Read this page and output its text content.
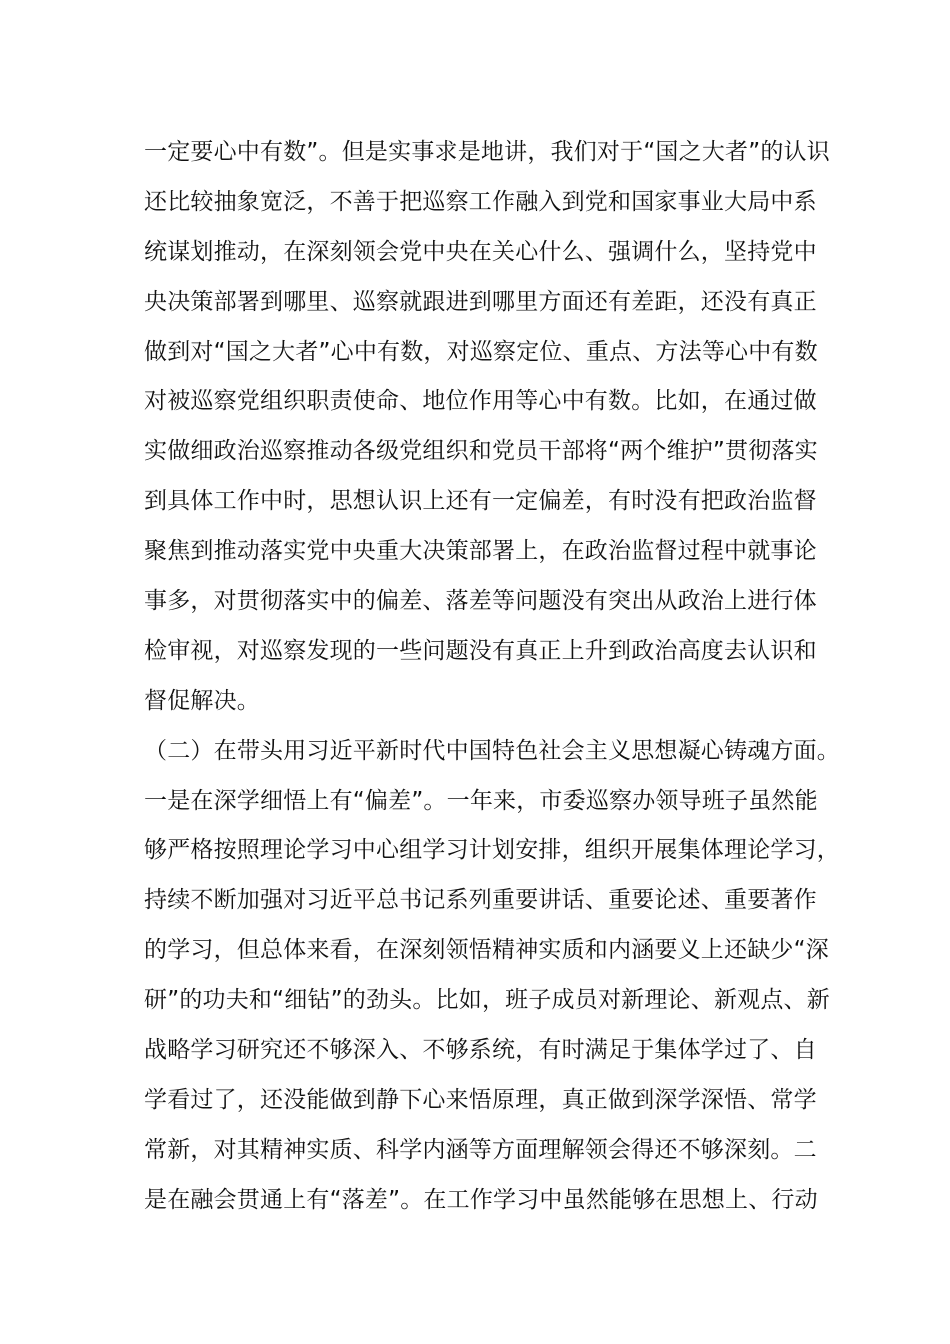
一定要心中有数”。但是实事求是地讲，我们对于“国之大者”的认识
还比较抽象宽泛，不善于把巡察工作融入到党和国家事业大局中系
统谋划推动，在深刻领会党中央在关心什么、强调什么，坚持党中
央决策部署到哪里、巡察就跟进到哪里方面还有差距，还没有真正
做到对“国之大者”心中有数，对巡察定位、重点、方法等心中有数
对被巡察党组织职责使命、地位作用等心中有数。比如，在通过做
实做细政治巡察推动各级党组织和党员干部将“两个维护”贯彻落实
到具体工作中时，思想认识上还有一定偏差，有时没有把政治监督
聚焦到推动落实党中央重大决策部署上，在政治监督过程中就事论
事多，对贯彻落实中的偏差、落差等问题没有突出从政治上进行体
检审视，对巡察发现的一些问题没有真正上升到政治高度去认识和
督促解决。
（二）在带头用习近平新时代中国特色社会主义思想凝心铸魂方面。
一是在深学细悟上有“偏差”。一年来，市委巡察办领导班子虽然能
够严格按照理论学习中心组学习计划安排，组织开展集体理论学习，
持续不断加强对习近平总书记系列重要讲话、重要论述、重要著作
的学习，但总体来看，在深刻领悟精神实质和内涵要义上还缺少“深
研”的功夫和“细钻”的劲头。比如，班子成员对新理论、新观点、新
战略学习研究还不够深入、不够系统，有时满足于集体学过了、自
学看过了，还没能做到静下心来悟原理，真正做到深学深悟、常学
常新，对其精神实质、科学内涵等方面理解领会得还不够深刻。二
是在融会贯通上有“落差”。在工作学习中虽然能够在思想上、行动
